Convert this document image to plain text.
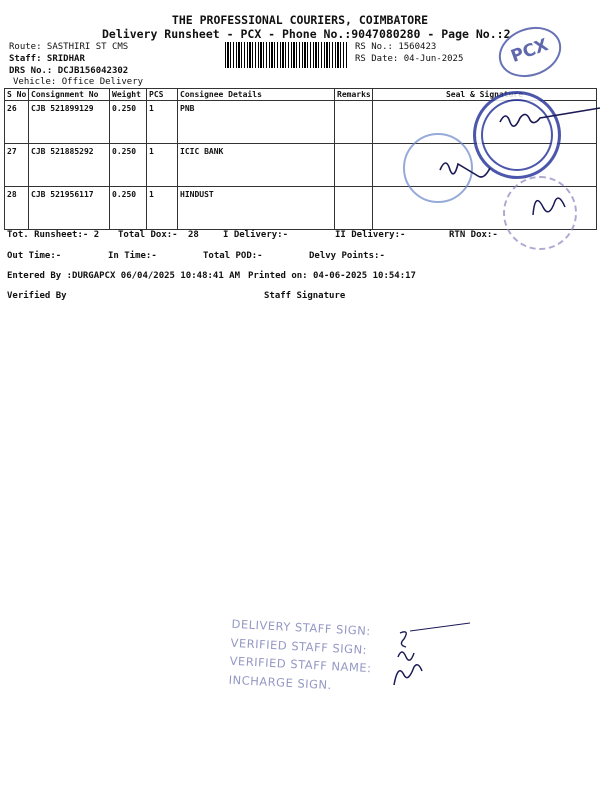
THE PROFESSIONAL COURIERS, COIMBATORE
Delivery Runsheet - PCX - Phone No.:9047080280 - Page No.:2
Route: SASTHIRI ST CMS
Staff: SRIDHAR
DRS No.: DCJB156042302
Vehicle: Office Delivery
RS No.: 1560423
RS Date: 04-Jun-2025	PCX
S No	Consignment No	Weight	PCS	Consignee Details	Remarks	Seal & Signature
26	CJB 521899129	0.250	1	PNB		
27	CJB 521885292	0.250	1	ICIC BANK		
28	CJB 521956117	0.250	1	HINDUST		
Tot. Runsheet:- 2 Total Dox:- 28	I Delivery:-	II Delivery:-	RTN Dox:-
Out Time:-	In Time:-	Total POD:-	Delvy Points:-
Entered By :DURGAPCX 06/04/2025 10:48:41 AM Printed on: 04-06-2025 10:54:17
Verified By	Staff Signature
DELIVERY STAFF SIGN:
VERIFIED STAFF SIGN:
VERIFIED STAFF NAME:
INCHARGE SIGN.
